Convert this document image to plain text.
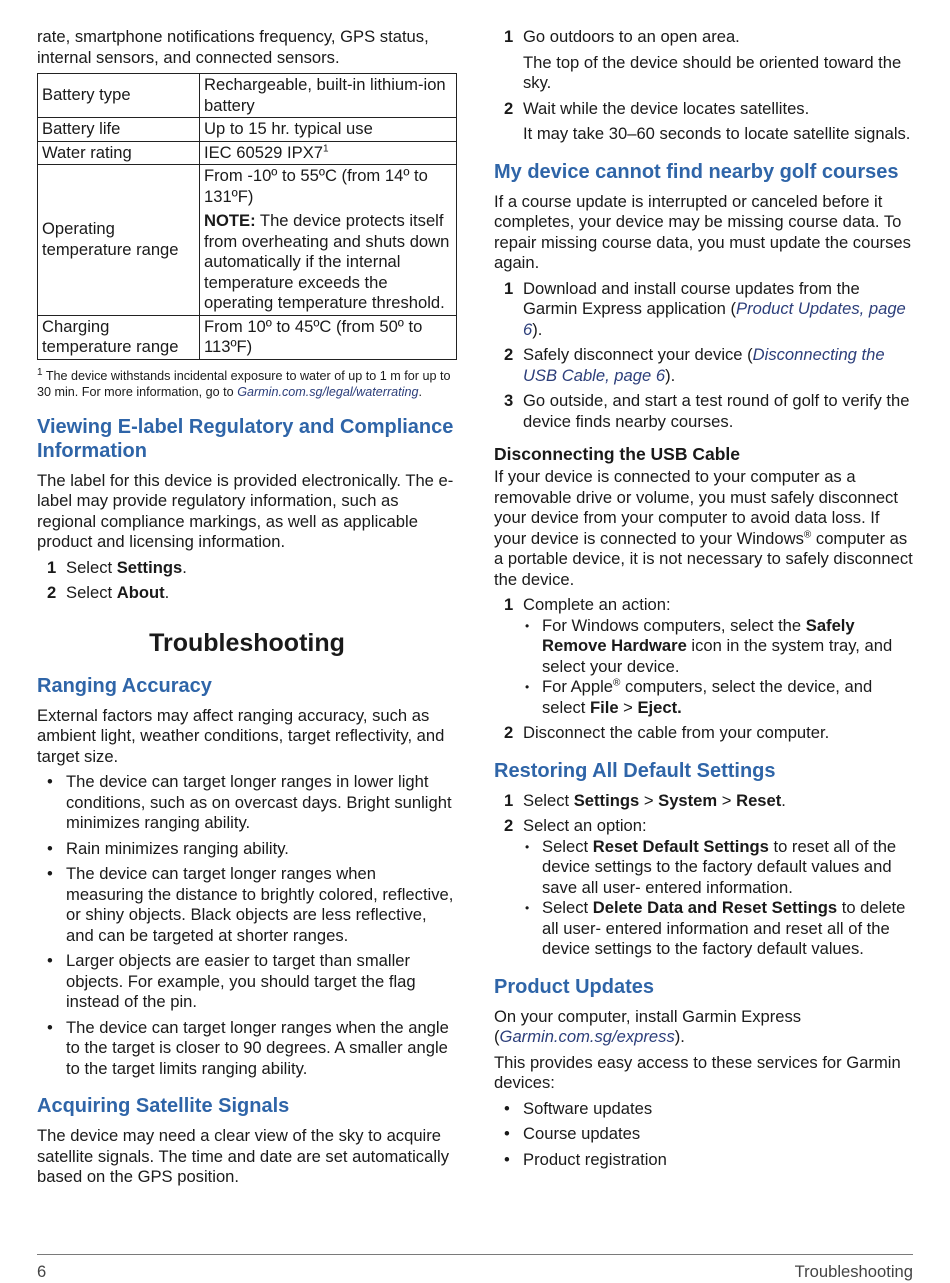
rate, smartphone notifications frequency, GPS status, internal sensors, and connected sensors.

Battery type	Rechargeable, built-in lithium-ion battery
Battery life	Up to 15 hr. typical use
Water rating	IEC 60529 $IPX7^1$
Operating temperature range	From -10º to 55ºC (from 14º to 131ºF)

NOTE: The device protects itself from overheating and shuts down automatically if the internal temperature exceeds the operating temperature threshold.

Charging temperature range	From 10º to 45ºC (from 50º to 113ºF)

$^1$ The device withstands incidental exposure to water of up to 1 m for up to 30 min. For more information, go to Garmin.com.sg/legal/waterrating.

Viewing E-label Regulatory and Compliance Information

The label for this device is provided electronically. The e-label may provide regulatory information, such as regional compliance markings, as well as applicable product and licensing information.

1 Select Settings.
2 Select About.
Troubleshooting
Ranging Accuracy

External factors may affect ranging accuracy, such as ambient light, weather conditions, target reflectivity, and target size.

• The device can target longer ranges in lower light conditions, such as on overcast days. Bright sunlight minimizes ranging ability.
• Rain minimizes ranging ability.
• The device can target longer ranges when measuring the distance to brightly colored, reflective, or shiny objects. Black objects are less reflective, and can be targeted at shorter ranges.
• Larger objects are easier to target than smaller objects. For example, you should target the flag instead of the pin.
• The device can target longer ranges when the angle to the target is closer to 90 degrees. A smaller angle to the target limits ranging ability.
Acquiring Satellite Signals

The device may need a clear view of the sky to acquire satellite signals. The time and date are set automatically based on the GPS position.

1 Go outdoors to an open area.

The top of the device should be oriented toward the sky.

2 Wait while the device locates satellites.

It may take 30–60 seconds to locate satellite signals.

My device cannot find nearby golf courses

If a course update is interrupted or canceled before it completes, your device may be missing course data. To repair missing course data, you must update the courses again.

1 Download and install course updates from the Garmin Express application (Product Updates, page 6).
2 Safely disconnect your device (Disconnecting the USB Cable, page 6).
3 Go outside, and start a test round of golf to verify the device finds nearby courses.
Disconnecting the USB Cable

If your device is connected to your computer as a removable drive or volume, you must safely disconnect your device from your computer to avoid data loss. If your device is connected to your Windows® computer as a portable device, it is not necessary to safely disconnect the device.

1 Complete an action:
• For Windows computers, select the Safely Remove Hardware icon in the system tray, and select your device.
• For Apple® computers, select the device, and select File > Eject.
2 Disconnect the cable from your computer.
Restoring All Default Settings
1 Select Settings > System > Reset.
2 Select an option:
• Select Reset Default Settings to reset all of the device settings to the factory default values and save all user- entered information.
• Select Delete Data and Reset Settings to delete all user- entered information and reset all of the device settings to the factory default values.
Product Updates

On your computer, install Garmin Express (Garmin.com.sg/express).

This provides easy access to these services for Garmin devices:

• Software updates
• Course updates
• Product registration
6	Troubleshooting
